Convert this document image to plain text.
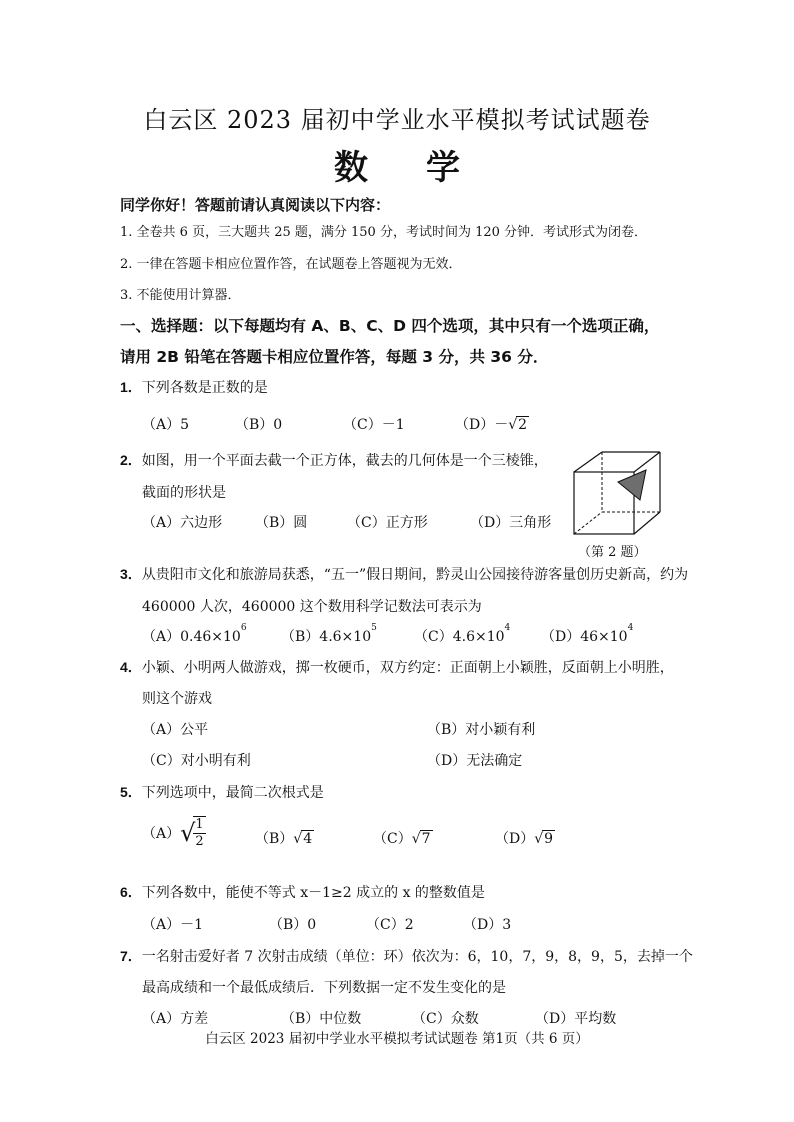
白云区 2023 届初中学业水平模拟考试试题卷
数学
同学你好！答题前请认真阅读以下内容：
1. 全卷共 6 页，三大题共 25 题，满分 150 分，考试时间为 120 分钟．考试形式为闭卷．
2. 一律在答题卡相应位置作答，在试题卷上答题视为无效．
3. 不能使用计算器．
一、选择题：以下每题均有 A、B、C、D 四个选项，其中只有一个选项正确，
请用 2B 铅笔在答题卡相应位置作答，每题 3 分，共 36 分．
1．下列各数是正数的是
（A）5	（B）0	（C）－1	（D）－√2
2．如图，用一个平面去截一个正方体，截去的几何体是一个三棱锥，
截面的形状是
（A）六边形 （B）圆	（C）正方形	（D）三角形
（第 2 题）
3．从贵阳市文化和旅游局获悉，“五一”假日期间，黔灵山公园接待游客量创历史新高，约为
460000 人次，460000 这个数用科学记数法可表示为
$(A)0.46\times 10^6$
$(B)4.6\times 10^5$
$(C)4.6\times 10^4$
$(D)46\times 10^4$
4．小颖、小明两人做游戏，掷一枚硬币，双方约定：正面朝上小颖胜，反面朝上小明胜，
则这个游戏
（A）公平	（B）对小颖有利
（C）对小明有利	（D）无法确定
5．下列选项中，最简二次根式是
（A） √
$\frac{1}{2}$	（B）√4	（C）√7	（D）√9
6．下列各数中，能使不等式 x－1≥2 成立的 x 的整数值是
（A）－1	（B）0	（C）2	（D）3
7．一名射击爱好者 7 次射击成绩（单位：环）依次为：6，10，7，9，8，9，5，去掉一个
最高成绩和一个最低成绩后．下列数据一定不发生变化的是
（A）方差	（B）中位数	（C）众数	（D）平均数
白云区 2023 届初中学业水平模拟考试试题卷 第1页（共 6 页）
